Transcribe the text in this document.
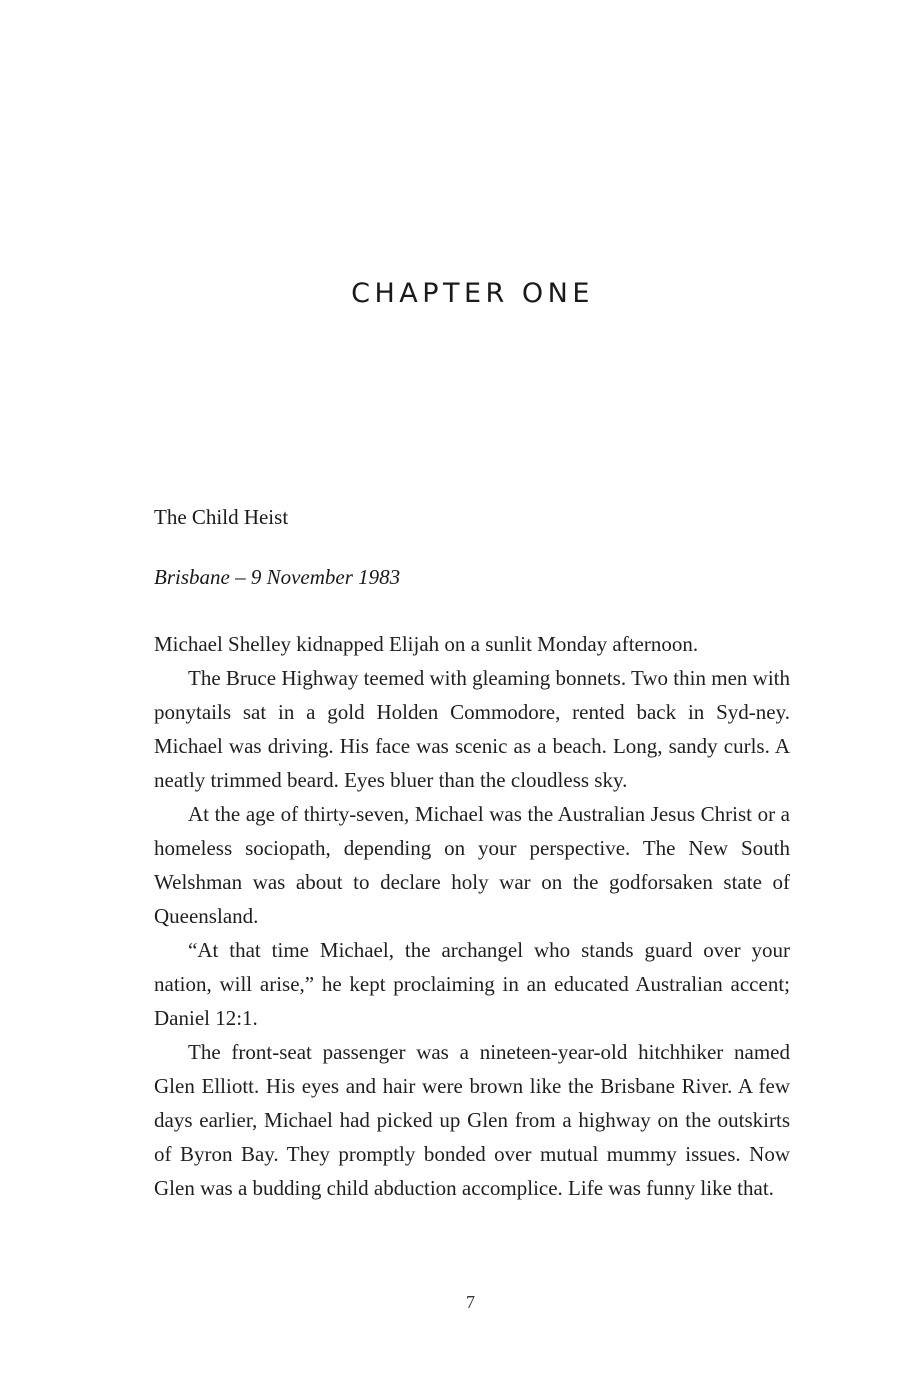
CHAPTER ONE
The Child Heist
Brisbane – 9 November 1983

Michael Shelley kidnapped Elijah on a sunlit Monday afternoon.

The Bruce Highway teemed with gleaming bonnets. Two thin men with ponytails sat in a gold Holden Commodore, rented back in Syd-ney. Michael was driving. His face was scenic as a beach. Long, sandy curls. A neatly trimmed beard. Eyes bluer than the cloudless sky.

At the age of thirty-seven, Michael was the Australian Jesus Christ or a homeless sociopath, depending on your perspective. The New South Welshman was about to declare holy war on the godforsaken state of Queensland.

“At that time Michael, the archangel who stands guard over your nation, will arise,” he kept proclaiming in an educated Australian accent; Daniel 12:1.

The front-seat passenger was a nineteen-year-old hitchhiker named Glen Elliott. His eyes and hair were brown like the Brisbane River. A few days earlier, Michael had picked up Glen from a highway on the outskirts of Byron Bay. They promptly bonded over mutual mummy issues. Now Glen was a budding child abduction accomplice. Life was funny like that.

7
